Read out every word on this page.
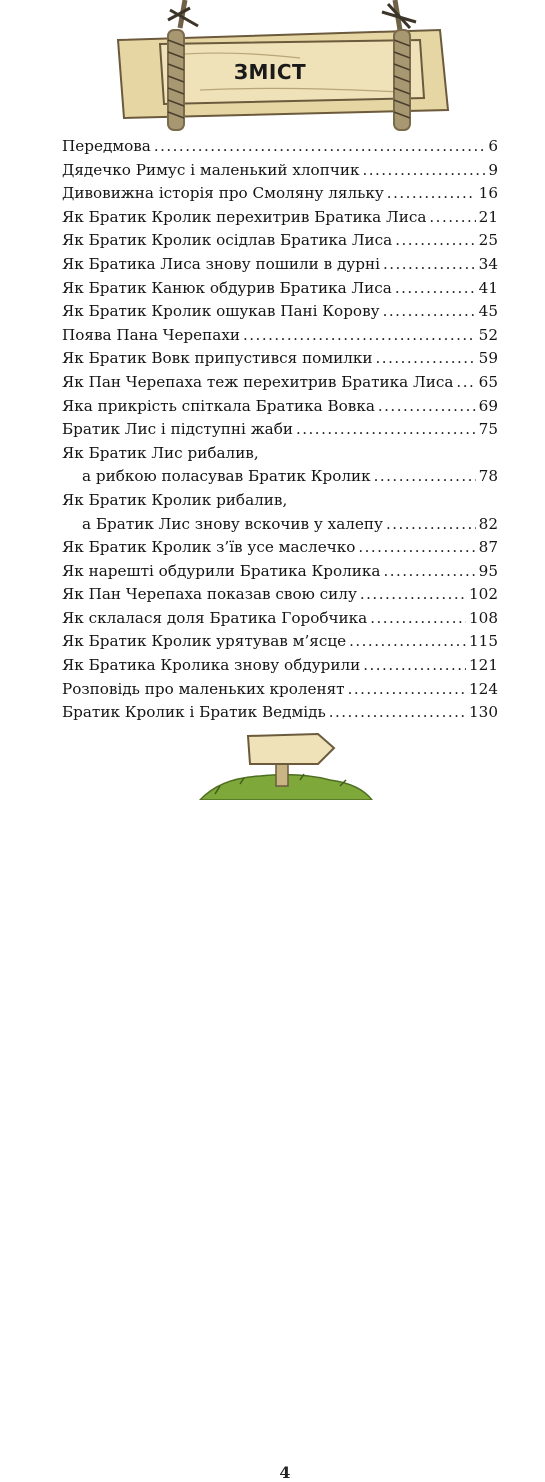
ЗМІСТ
Передмова .....	6
Дядечко Римус і маленький хлопчик .....	9
Дивовижна історія про Смоляну ляльку .....	16
Як Братик Кролик перехитрив Братика Лиса .....	21
Як Братик Кролик осідлав Братика Лиса .....	25
Як Братика Лиса знову пошили в дурні .....	34
Як Братик Канюк обдурив Братика Лиса .....	41
Як Братик Кролик ошукав Пані Корову .....	45
Поява Пана Черепахи .....	52
Як Братик Вовк припустився помилки .....	59
Як Пан Черепаха теж перехитрив Братика Лиса ..... 65
Яка прикрість спіткала Братика Вовка .....	69
Братик Лис і підступні жаби .....	75
Як Братик Лис рибалив,
а рибкою поласував Братик Кролик .....	78
Як Братик Кролик рибалив,
а Братик Лис знову вскочив у халепу .....	82
Як Братик Кролик з’їв усе маслечко .....	87
Як нарешті обдурили Братика Кролика .....	95
Як Пан Черепаха показав свою силу .....	102
Як склалася доля Братика Горобчика .....	108
Як Братик Кролик урятував м’ясце .....	115
Як Братика Кролика знову обдурили .....	121
Розповідь про маленьких кроленят .....	124
Братик Кролик і Братик Ведмідь .....	130
4
